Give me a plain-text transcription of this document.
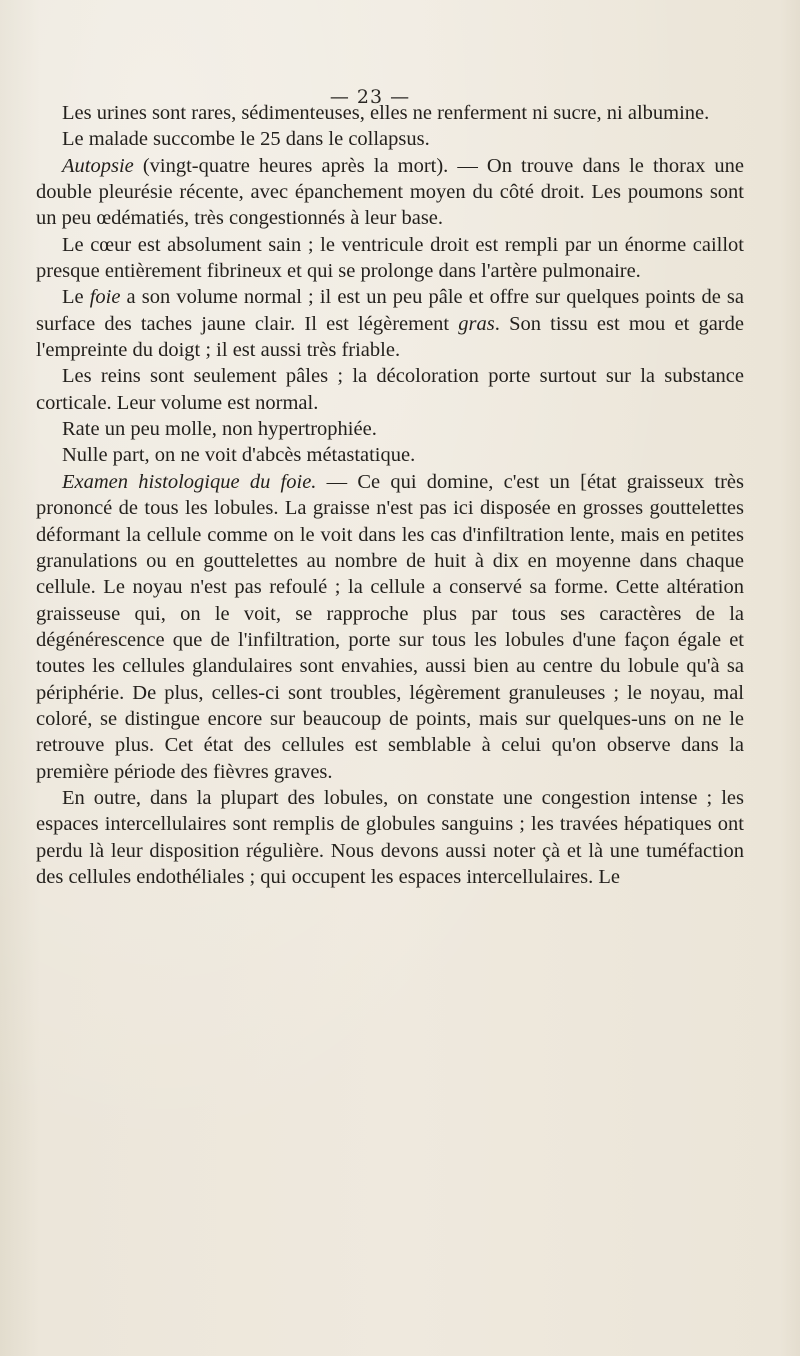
— 23 —

Les urines sont rares, sédimenteuses, elles ne renferment ni sucre, ni albumine.

Le malade succombe le 25 dans le collapsus.

Autopsie (vingt-quatre heures après la mort). — On trouve dans le thorax une double pleurésie récente, avec épanchement moyen du côté droit. Les poumons sont un peu œdématiés, très congestionnés à leur base.

Le cœur est absolument sain ; le ventricule droit est rempli par un énorme caillot presque entièrement fibrineux et qui se prolonge dans l'artère pulmonaire.

Le foie a son volume normal ; il est un peu pâle et offre sur quelques points de sa surface des taches jaune clair. Il est légèrement gras. Son tissu est mou et garde l'empreinte du doigt ; il est aussi très friable.

Les reins sont seulement pâles ; la décoloration porte surtout sur la substance corticale. Leur volume est normal.

Rate un peu molle, non hypertrophiée.

Nulle part, on ne voit d'abcès métastatique.

Examen histologique du foie. — Ce qui domine, c'est un [état graisseux très prononcé de tous les lobules. La graisse n'est pas ici disposée en grosses gouttelettes déformant la cellule comme on le voit dans les cas d'infiltration lente, mais en petites granulations ou en gouttelettes au nombre de huit à dix en moyenne dans chaque cellule. Le noyau n'est pas refoulé ; la cellule a conservé sa forme. Cette altération graisseuse qui, on le voit, se rapproche plus par tous ses caractères de la dégénérescence que de l'infiltration, porte sur tous les lobules d'une façon égale et toutes les cellules glandulaires sont envahies, aussi bien au centre du lobule qu'à sa périphérie. De plus, celles-ci sont troubles, légèrement granuleuses ; le noyau, mal coloré, se distingue encore sur beaucoup de points, mais sur quelques-uns on ne le retrouve plus. Cet état des cellules est semblable à celui qu'on observe dans la première période des fièvres graves.

En outre, dans la plupart des lobules, on constate une congestion intense ; les espaces intercellulaires sont remplis de globules sanguins ; les travées hépatiques ont perdu là leur disposition régulière. Nous devons aussi noter çà et là une tuméfaction des cellules endothéliales ; qui occupent les espaces intercellulaires. Le
